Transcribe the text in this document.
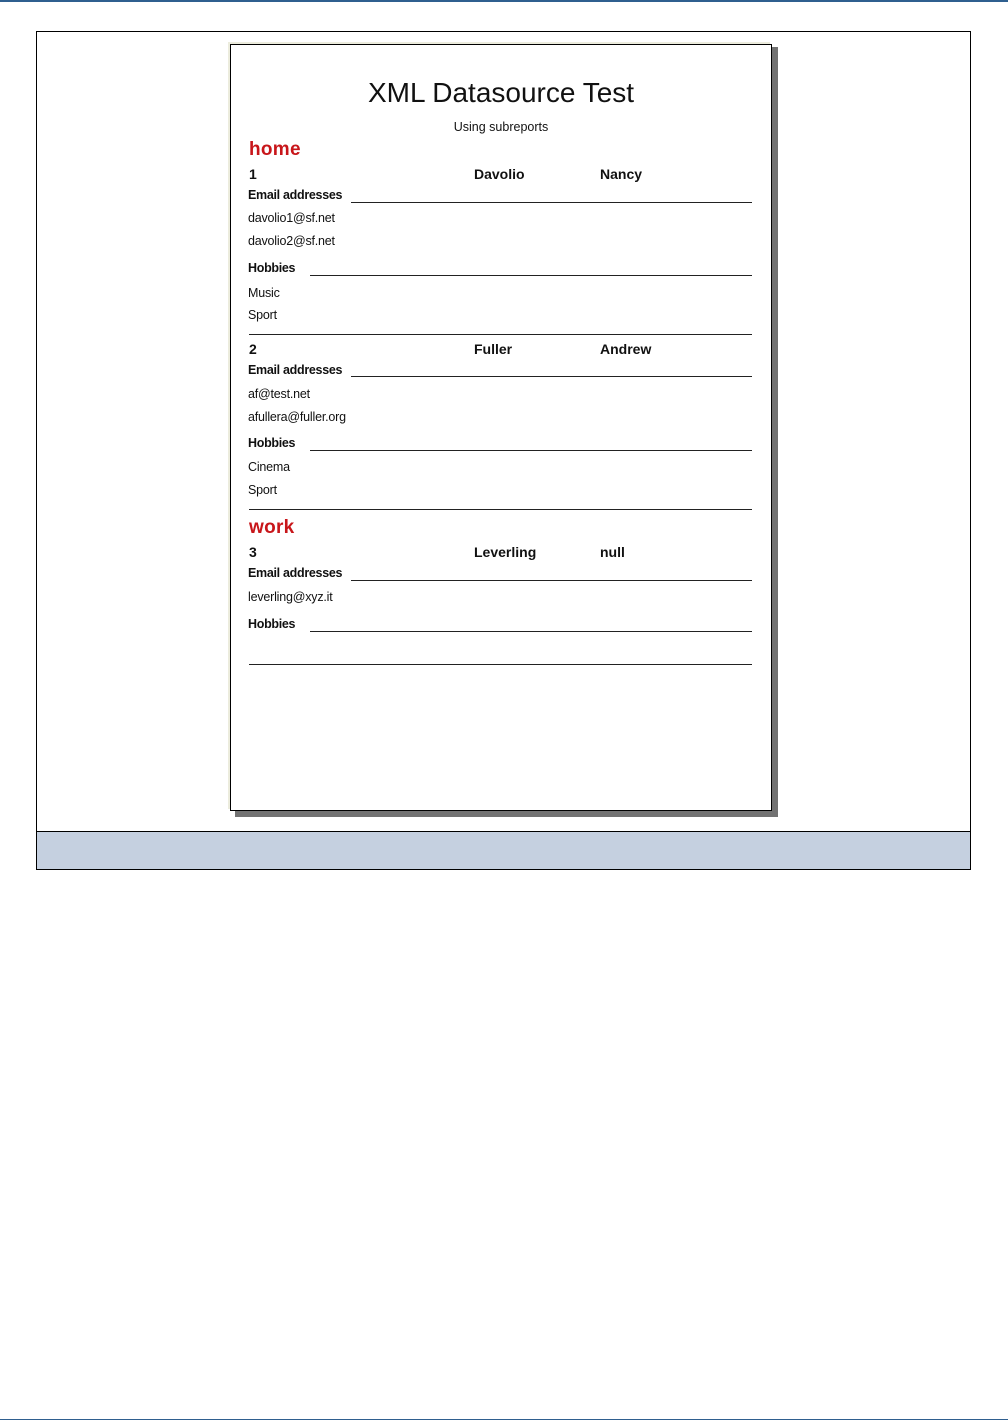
XML Datasource Test
Using subreports
home
1	Davolio	Nancy
Email addresses
davolio1@sf.net
davolio2@sf.net
Hobbies
Music
Sport
2	Fuller	Andrew
Email addresses
af@test.net
afullera@fuller.org
Hobbies
Cinema
Sport
work
3	Leverling	null
Email addresses
leverling@xyz.it
Hobbies
